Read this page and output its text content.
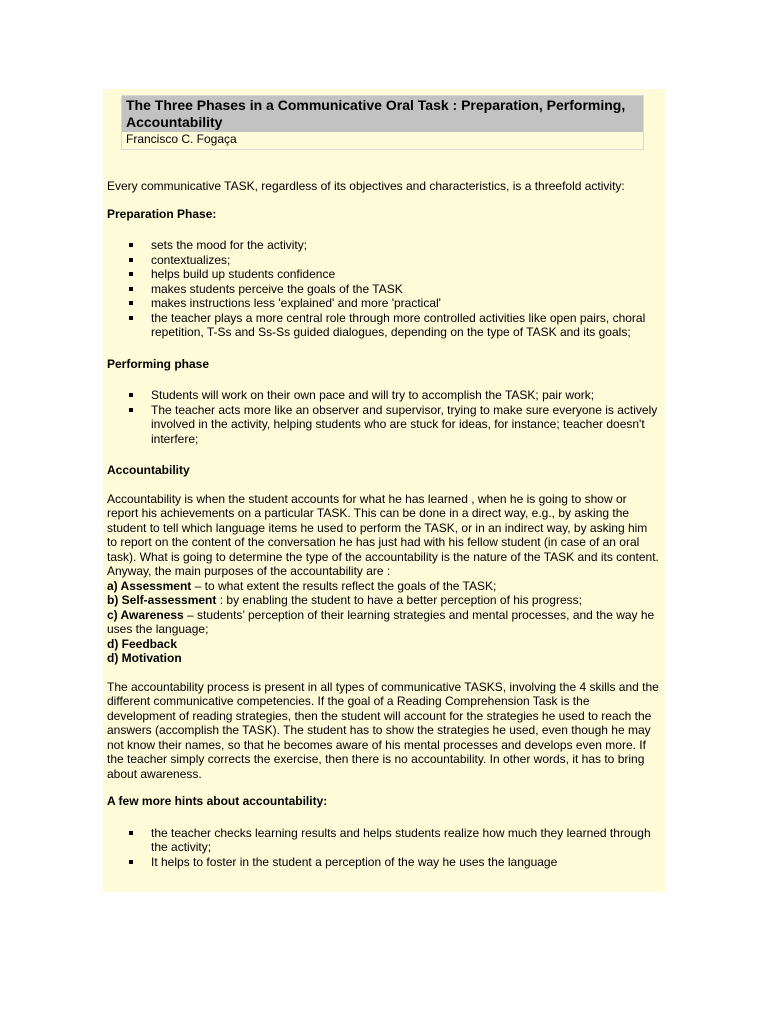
The Three Phases in a Communicative Oral Task : Preparation, Performing, Accountability

Francisco C. Fogaça

Every communicative TASK, regardless of its objectives and characteristics, is a threefold activity:

Preparation Phase:

sets the mood for the activity;
contextualizes;
helps build up students confidence
makes students perceive the goals of the TASK
makes instructions less 'explained' and more 'practical'
the teacher plays a more central role through more controlled activities like open pairs, choral repetition, T-Ss and Ss-Ss guided dialogues, depending on the type of TASK and its goals;

Performing phase

Students will work on their own pace and will try to accomplish the TASK; pair work;
The teacher acts more like an observer and supervisor, trying to make sure everyone is actively involved in the activity, helping students who are stuck for ideas, for instance; teacher doesn't interfere;

Accountability

Accountability is when the student accounts for what he has learned , when he is going to show or report his achievements on a particular TASK. This can be done in a direct way, e.g., by asking the student to tell which language items he used to perform the TASK, or in an indirect way, by asking him to report on the content of the conversation he has just had with his fellow student (in case of an oral task). What is going to determine the type of the accountability is the nature of the TASK and its content. Anyway, the main purposes of the accountability are :

a) Assessment – to what extent the results reflect the goals of the TASK;

b) Self-assessment : by enabling the student to have a better perception of his progress;

c) Awareness – students’ perception of their learning strategies and mental processes, and the way he uses the language;

d) Feedback

d) Motivation

The accountability process is present in all types of communicative TASKS, involving the 4 skills and the different communicative competencies. If the goal of a Reading Comprehension Task is the development of reading strategies, then the student will account for the strategies he used to reach the answers (accomplish the TASK). The student has to show the strategies he used, even though he may not know their names, so that he becomes aware of his mental processes and develops even more. If the teacher simply corrects the exercise, then there is no accountability. In other words, it has to bring about awareness.

A few more hints about accountability:

the teacher checks learning results and helps students realize how much they learned through the activity;
It helps to foster in the student a perception of the way he uses the language
